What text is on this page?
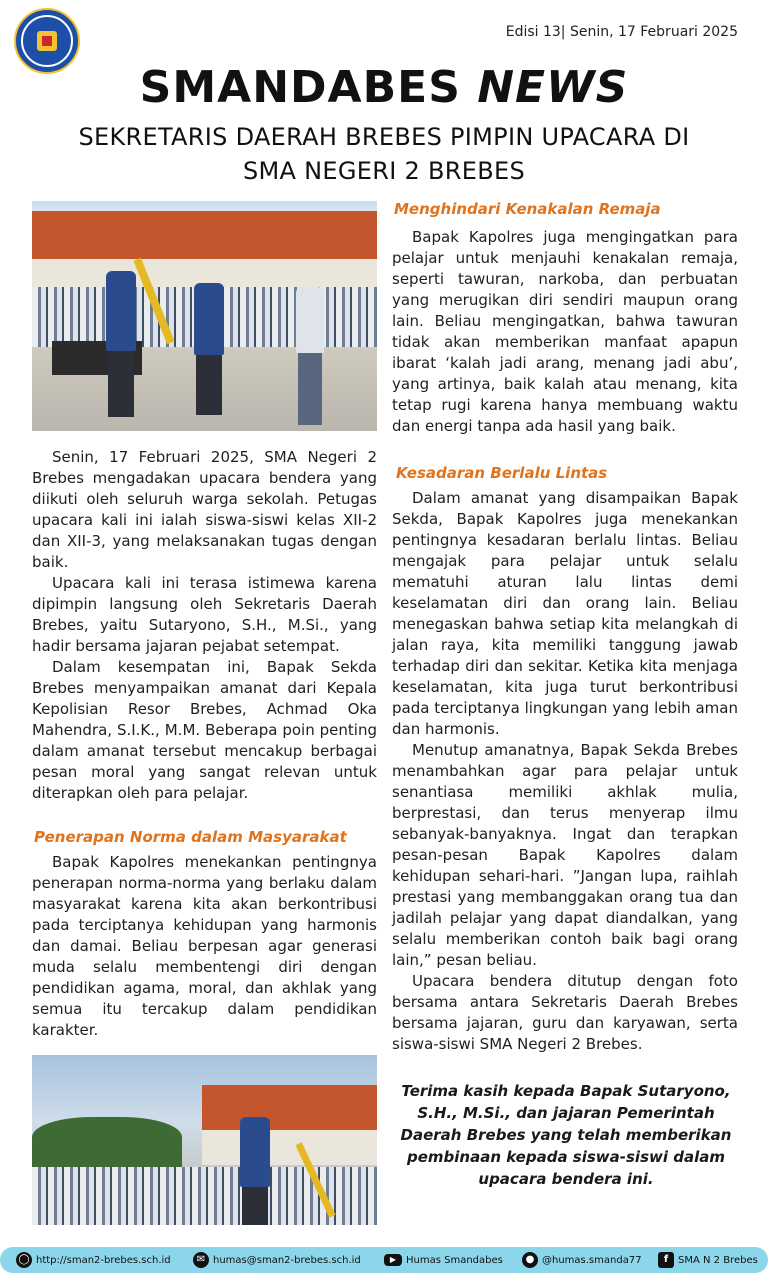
Edisi 13| Senin, 17 Februari 2025
SMANDABES NEWS
SEKRETARIS DAERAH BREBES PIMPIN UPACARA DI
SMA NEGERI 2 BREBES

Senin, 17 Februari 2025, SMA Negeri 2 Brebes mengadakan upacara bendera yang diikuti oleh seluruh warga sekolah. Petugas upacara kali ini ialah siswa-siswi kelas XII-2 dan XII-3, yang melaksanakan tugas dengan baik.

Upacara kali ini terasa istimewa karena dipimpin langsung oleh Sekretaris Daerah Brebes, yaitu Sutaryono, S.H., M.Si., yang hadir bersama jajaran pejabat setempat.

Dalam kesempatan ini, Bapak Sekda Brebes menyampaikan amanat dari Kepala Kepolisian Resor Brebes, Achmad Oka Mahendra, S.I.K., M.M. Beberapa poin penting dalam amanat tersebut mencakup berbagai pesan moral yang sangat relevan untuk diterapkan oleh para pelajar.

Penerapan Norma dalam Masyarakat

Bapak Kapolres menekankan pentingnya penerapan norma-norma yang berlaku dalam masyarakat karena kita akan berkontribusi pada terciptanya kehidupan yang harmonis dan damai. Beliau berpesan agar generasi muda selalu membentengi diri dengan pendidikan agama, moral, dan akhlak yang semua itu tercakup dalam pendidikan karakter.

Menghindari Kenakalan Remaja

Bapak Kapolres juga mengingatkan para pelajar untuk menjauhi kenakalan remaja, seperti tawuran, narkoba, dan perbuatan yang merugikan diri sendiri maupun orang lain. Beliau mengingatkan, bahwa tawuran tidak akan memberikan manfaat apapun ibarat ‘kalah jadi arang, menang jadi abu’, yang artinya, baik kalah atau menang, kita tetap rugi karena hanya membuang waktu dan energi tanpa ada hasil yang baik.

Kesadaran Berlalu Lintas

Dalam amanat yang disampaikan Bapak Sekda, Bapak Kapolres juga menekankan pentingnya kesadaran berlalu lintas. Beliau mengajak para pelajar untuk selalu mematuhi aturan lalu lintas demi keselamatan diri dan orang lain. Beliau menegaskan bahwa setiap kita melangkah di jalan raya, kita memiliki tanggung jawab terhadap diri dan sekitar. Ketika kita menjaga keselamatan, kita juga turut berkontribusi pada terciptanya lingkungan yang lebih aman dan harmonis.

Menutup amanatnya, Bapak Sekda Brebes menambahkan agar para pelajar untuk senantiasa memiliki akhlak mulia, berprestasi, dan terus menyerap ilmu sebanyak-banyaknya. Ingat dan terapkan pesan-pesan Bapak Kapolres dalam kehidupan sehari-hari. ”Jangan lupa, raihlah prestasi yang membanggakan orang tua dan jadilah pelajar yang dapat diandalkan, yang selalu memberikan contoh baik bagi orang lain,” pesan beliau.

Upacara bendera ditutup dengan foto bersama antara Sekretaris Daerah Brebes bersama jajaran, guru dan karyawan, serta siswa-siswi SMA Negeri 2 Brebes.

Terima kasih kepada Bapak Sutaryono, S.H., M.Si., dan jajaran Pemerintah Daerah Brebes yang telah memberikan pembinaan kepada siswa-siswi dalam upacara bendera ini.
◯ http://sman2-brebes.sch.id	✉ humas@sman2-brebes.sch.id	▶ Humas Smandabes	● @humas.smanda77	f SMA N 2 Brebes
